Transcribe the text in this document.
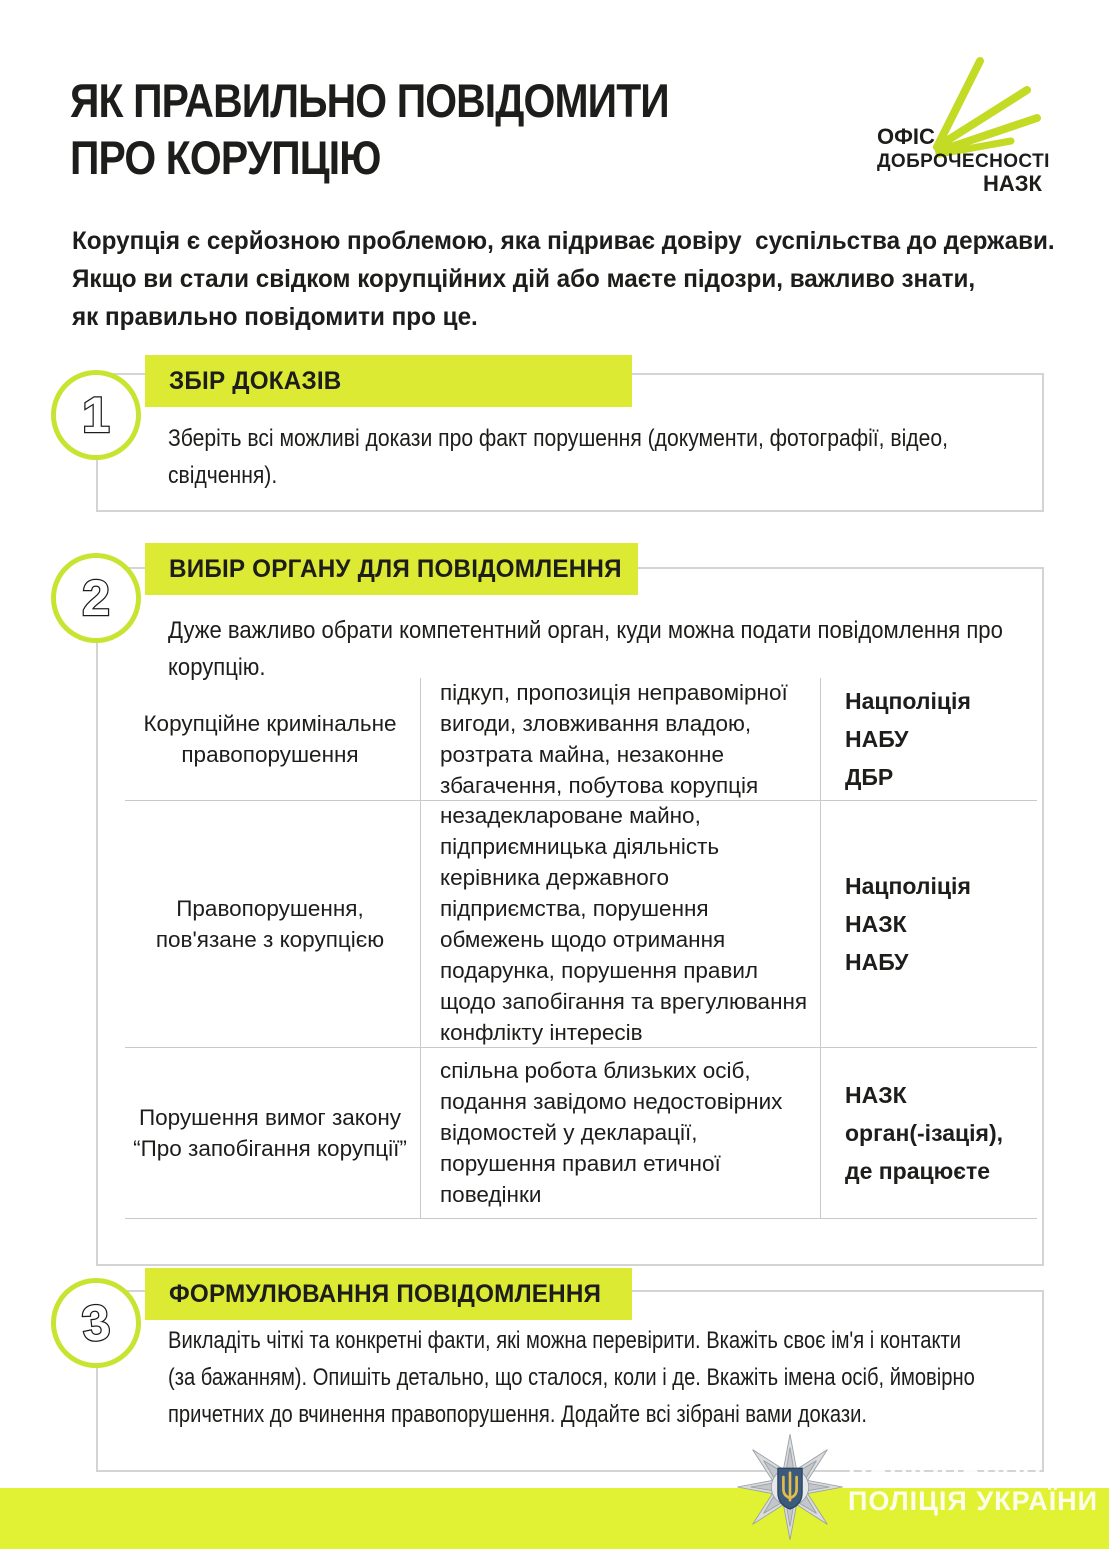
ЯК ПРАВИЛЬНО ПОВІДОМИТИ
ПРО КОРУПЦІЮ	ОФІС
ДОБРОЧЕСНОСТІ
НАЗК
Корупція є серйозною проблемою, яка підриває довіру  суспільства до держави.
Якщо ви стали свідком корупційних дій або маєте підозри, важливо знати,
як правильно повідомити про це.
ЗБІР ДОКАЗІВ
1 Зберіть всі можливі докази про факт порушення (документи, фотографії, відео,
свідчення).
ВИБІР ОРГАНУ ДЛЯ ПОВІДОМЛЕННЯ
2
Дуже важливо обрати компетентний орган, куди можна подати повідомлення про
корупцію.
Корупційне кримінальне правопорушення
підкуп, пропозиція неправомірної вигоди, зловживання владою, розтрата майна, незаконне збагачення, побутова корупція
Нацполіція
НАБУ
ДБР
Правопорушення, пов'язане з корупцією
незадеклароване майно, підприємницька діяльність керівника державного підприємства, порушення обмежень щодо отримання подарунка, порушення правил щодо запобігання та врегулювання конфлікту інтересів
Нацполіція
НАЗК
НАБУ
Порушення вимог закону “Про запобігання корупції”
спільна робота близьких осіб, подання завідомо недостовірних відомостей у декларації, порушення правил етичної поведінки
НАЗК
орган(-ізація),
де працюєте
ФОРМУЛЮВАННЯ ПОВІДОМЛЕННЯ
3 Викладіть чіткі та конкретні факти, які можна перевірити. Вкажіть своє ім'я і контакти
(за бажанням). Опишіть детально, що сталося, коли і де. Вкажіть імена осіб, ймовірно
причетних до вчинення правопорушення. Додайте всі зібрані вами докази.
НАЦІОНАЛЬНА
ПОЛІЦІЯ УКРАЇНИ
